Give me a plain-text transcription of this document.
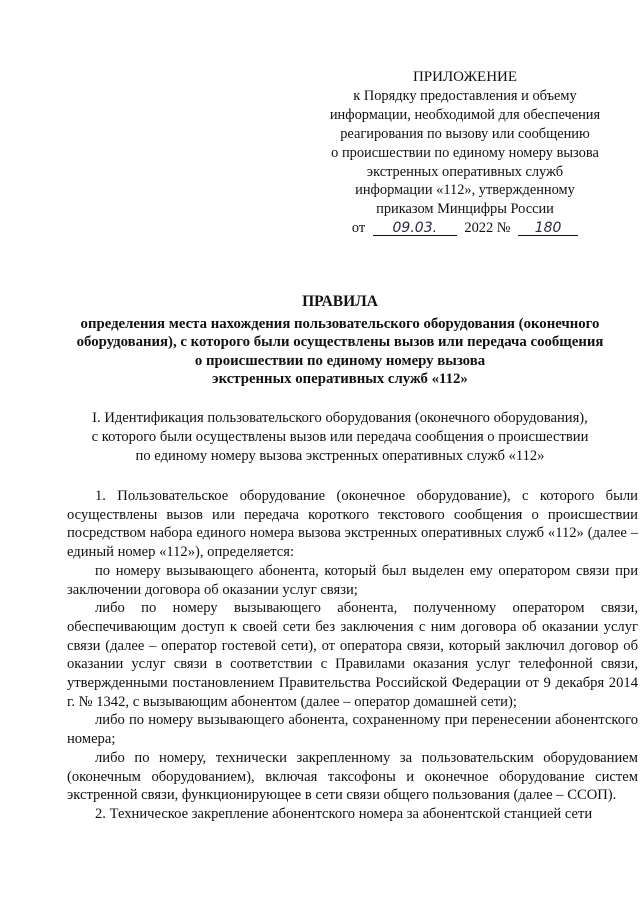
ПРИЛОЖЕНИЕ
к Порядку предоставления и объему
информации, необходимой для обеспечения
реагирования по вызову или сообщению
о происшествии по единому номеру вызова
экстренных оперативных служб
информации «112», утвержденному
приказом Минцифры России
от 09.03. 2022 № 180
ПРАВИЛА
определения места нахождения пользовательского оборудования (оконечного
оборудования), с которого были осуществлены вызов или передача сообщения
о происшествии по единому номеру вызова
экстренных оперативных служб «112»
I. Идентификация пользовательского оборудования (оконечного оборудования),
с которого были осуществлены вызов или передача сообщения о происшествии
по единому номеру вызова экстренных оперативных служб «112»

1. Пользовательское оборудование (оконечное оборудование), с которого были осуществлены вызов или передача короткого текстового сообщения о происшествии посредством набора единого номера вызова экстренных оперативных служб «112» (далее – единый номер «112»), определяется:

по номеру вызывающего абонента, который был выделен ему оператором связи при заключении договора об оказании услуг связи;

либо по номеру вызывающего абонента, полученному оператором связи, обеспечивающим доступ к своей сети без заключения с ним договора об оказании услуг связи (далее – оператор гостевой сети), от оператора связи, который заключил договор об оказании услуг связи в соответствии с Правилами оказания услуг телефонной связи, утвержденными постановлением Правительства Российской Федерации от 9 декабря 2014 г. № 1342, с вызывающим абонентом (далее – оператор домашней сети);

либо по номеру вызывающего абонента, сохраненному при перенесении абонентского номера;

либо по номеру, технически закрепленному за пользовательским оборудованием (оконечным оборудованием), включая таксофоны и оконечное оборудование систем экстренной связи, функционирующее в сети связи общего пользования (далее – ССОП).

2. Техническое закрепление абонентского номера за абонентской станцией сети
